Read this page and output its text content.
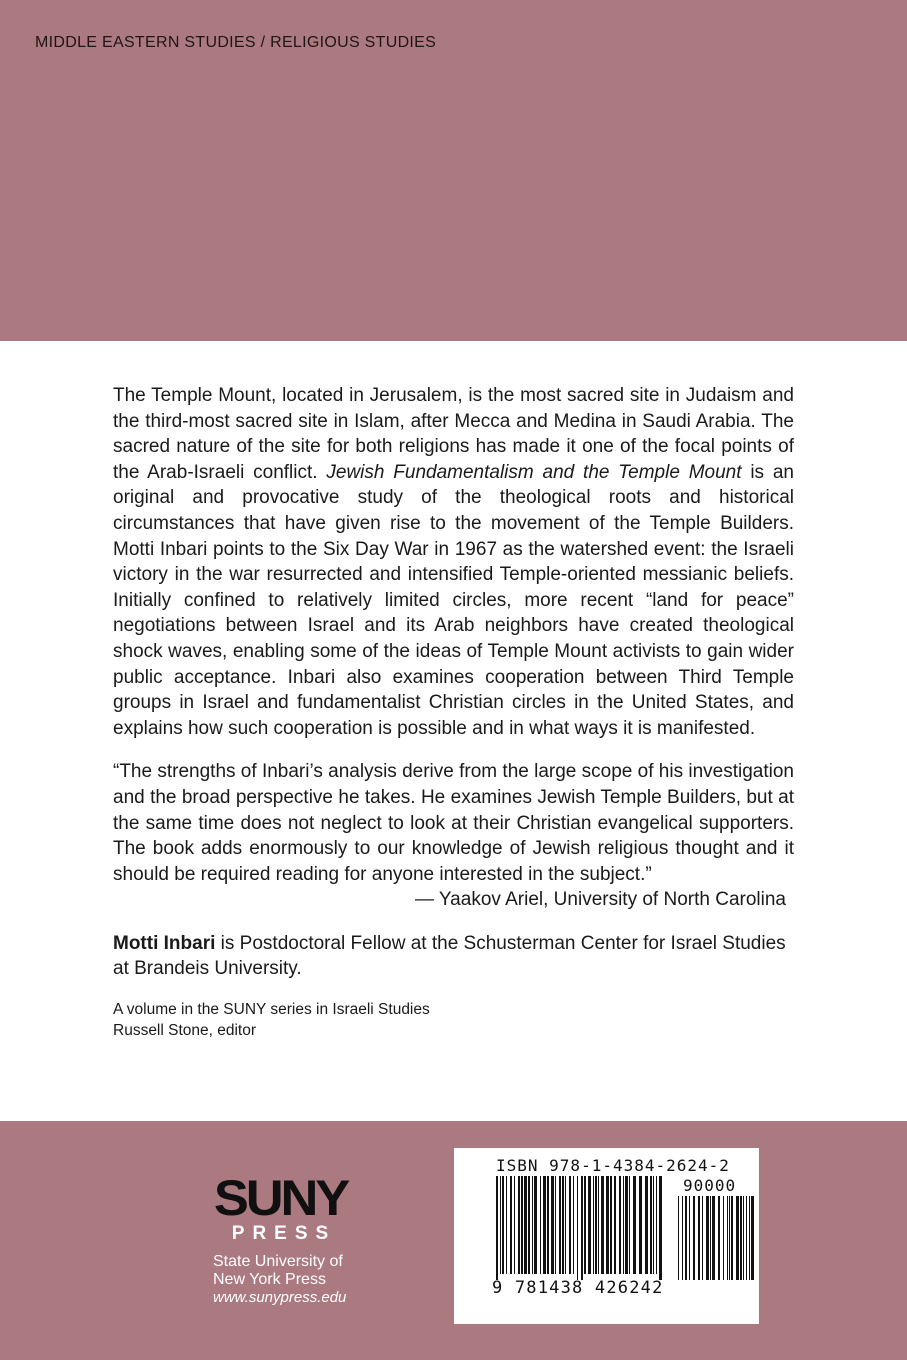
MIDDLE EASTERN STUDIES / RELIGIOUS STUDIES

The Temple Mount, located in Jerusalem, is the most sacred site in Judaism and the third-most sacred site in Islam, after Mecca and Medina in Saudi Arabia. The sacred nature of the site for both religions has made it one of the focal points of the Arab-Israeli conflict. Jewish Fundamentalism and the Temple Mount is an original and provocative study of the theological roots and historical circumstances that have given rise to the movement of the Temple Builders. Motti Inbari points to the Six Day War in 1967 as the watershed event: the Israeli victory in the war resurrected and intensified Temple-oriented messianic beliefs. Initially confined to relatively limited circles, more recent “land for peace” negotiations between Israel and its Arab neighbors have created theological shock waves, enabling some of the ideas of Temple Mount activists to gain wider public acceptance. Inbari also examines cooperation between Third Temple groups in Israel and fundamentalist Christian circles in the United States, and explains how such cooperation is possible and in what ways it is manifested.

“The strengths of Inbari’s analysis derive from the large scope of his investigation and the broad perspective he takes. He examines Jewish Temple Builders, but at the same time does not neglect to look at their Christian evangelical supporters. The book adds enormously to our knowledge of Jewish religious thought and it should be required reading for anyone interested in the subject.”

— Yaakov Ariel, University of North Carolina

Motti Inbari is Postdoctoral Fellow at the Schusterman Center for Israel Studies at Brandeis University.

A volume in the SUNY series in Israeli Studies
Russell Stone, editor
SUNY
PRESS
State University of
New York Press
www.sunypress.edu
ISBN 978-1-4384-2624-2
90000
9 781438 426242
